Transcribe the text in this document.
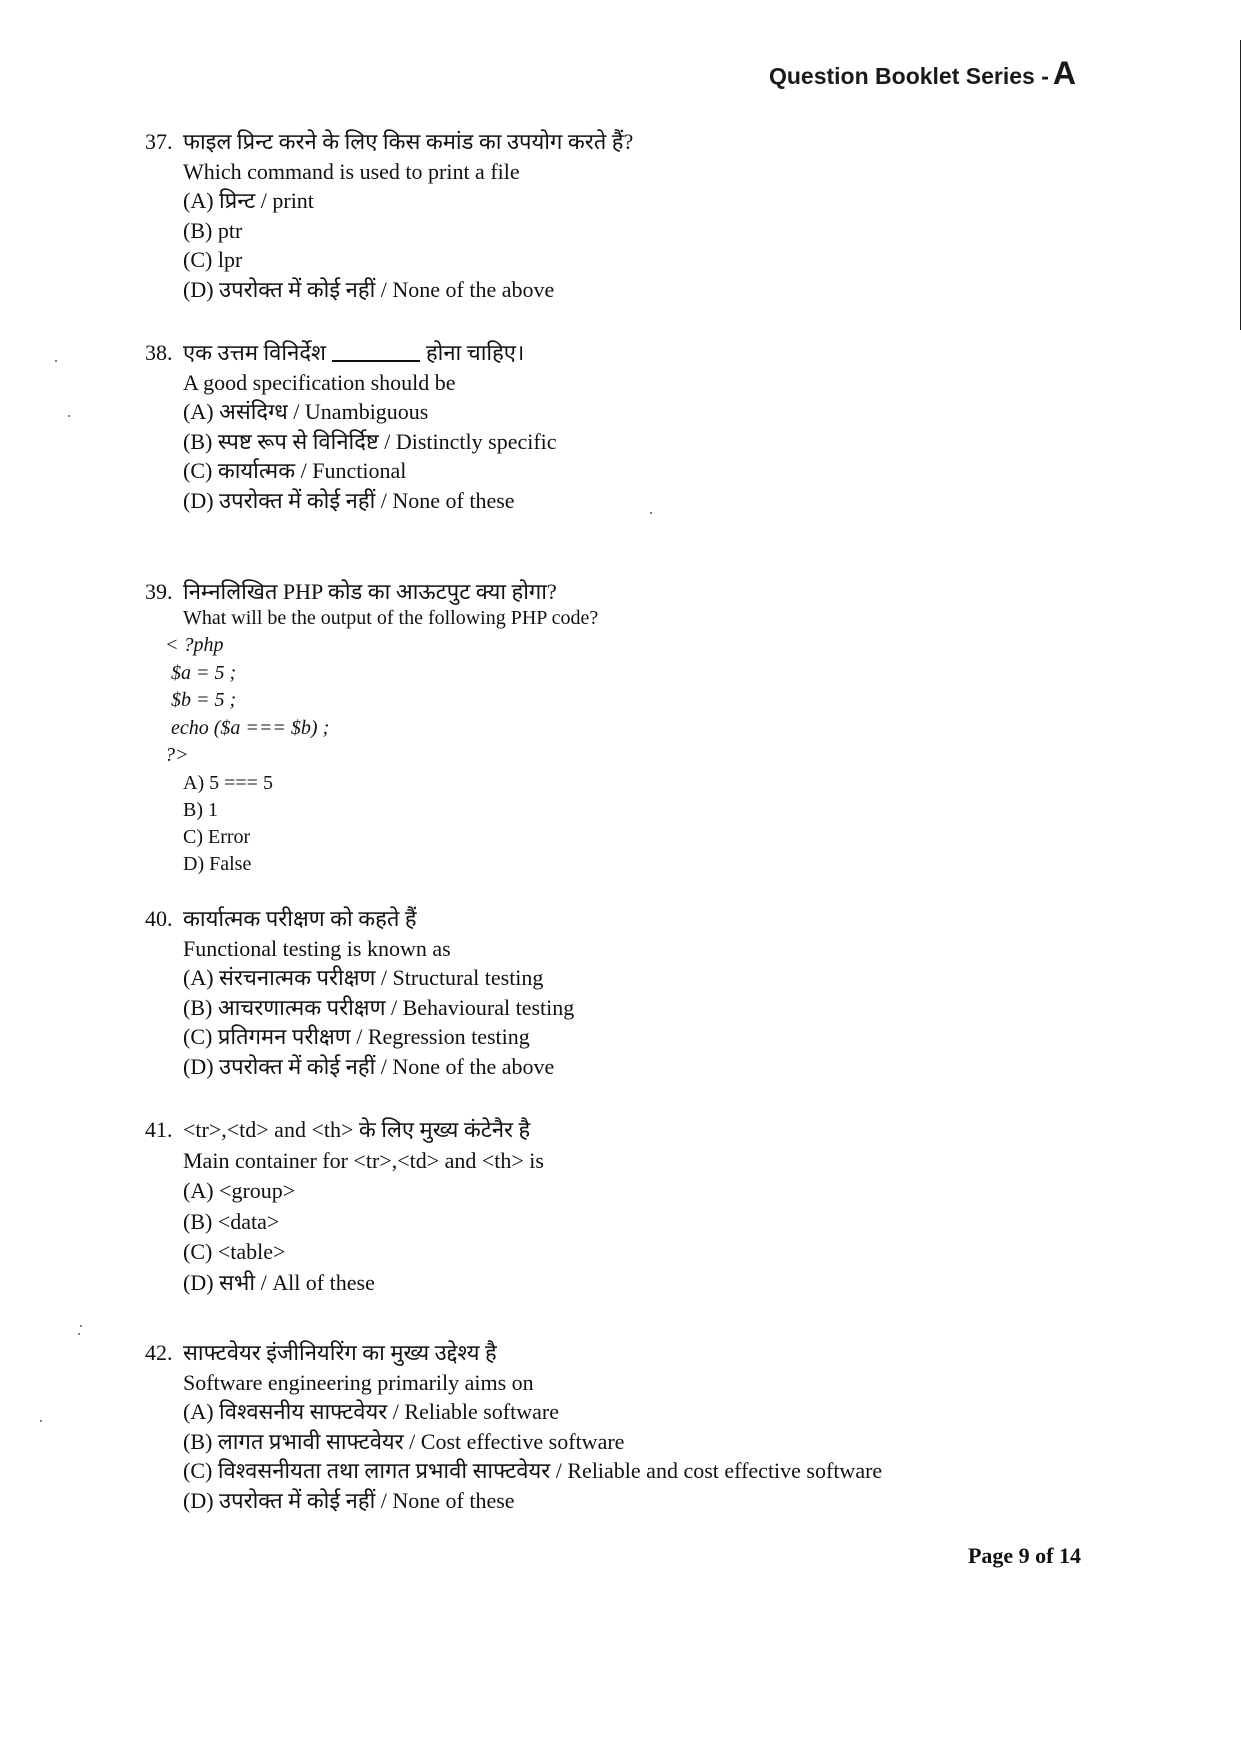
Question Booklet Series - A
37. फाइल प्रिन्ट करने के लिए किस कमांड का उपयोग करते हैं?
Which command is used to print a file
(A) प्रिन्ट / print
(B) ptr
(C) lpr
(D) उपरोक्त में कोई नहीं / None of the above
38. एक उत्तम विनिर्देश	होना चाहिए।
A good specification should be
(A) असंदिग्ध / Unambiguous
(B) स्पष्ट रूप से विनिर्दिष्ट / Distinctly specific
(C) कार्यात्मक / Functional
(D) उपरोक्त में कोई नहीं / None of these
39. निम्नलिखित PHP कोड का आऊटपुट क्या होगा?
What will be the output of the following PHP code?
< ?php
$a = 5 ;
$b = 5 ;
echo ($a === $b) ;
?>
A) 5 === 5
B) 1
C) Error
D) False
40. कार्यात्मक परीक्षण को कहते हैं
Functional testing is known as
(A) संरचनात्मक परीक्षण / Structural testing
(B) आचरणात्मक परीक्षण / Behavioural testing
(C) प्रतिगमन परीक्षण / Regression testing
(D) उपरोक्त में कोई नहीं / None of the above
41. <tr>,<td> and <th> के लिए मुख्य कंटेनैर है
Main container for <tr>,<td> and <th> is
(A) <group>
(B) <data>
(C) <table>
(D) सभी / All of these
42. साफ्टवेयर इंजीनियरिंग का मुख्य उद्देश्य है
Software engineering primarily aims on
(A) विश्वसनीय साफ्टवेयर / Reliable software
(B) लागत प्रभावी साफ्टवेयर / Cost effective software
(C) विश्वसनीयता तथा लागत प्रभावी साफ्टवेयर / Reliable and cost effective software
(D) उपरोक्त में कोई नहीं / None of these
Page 9 of 14
